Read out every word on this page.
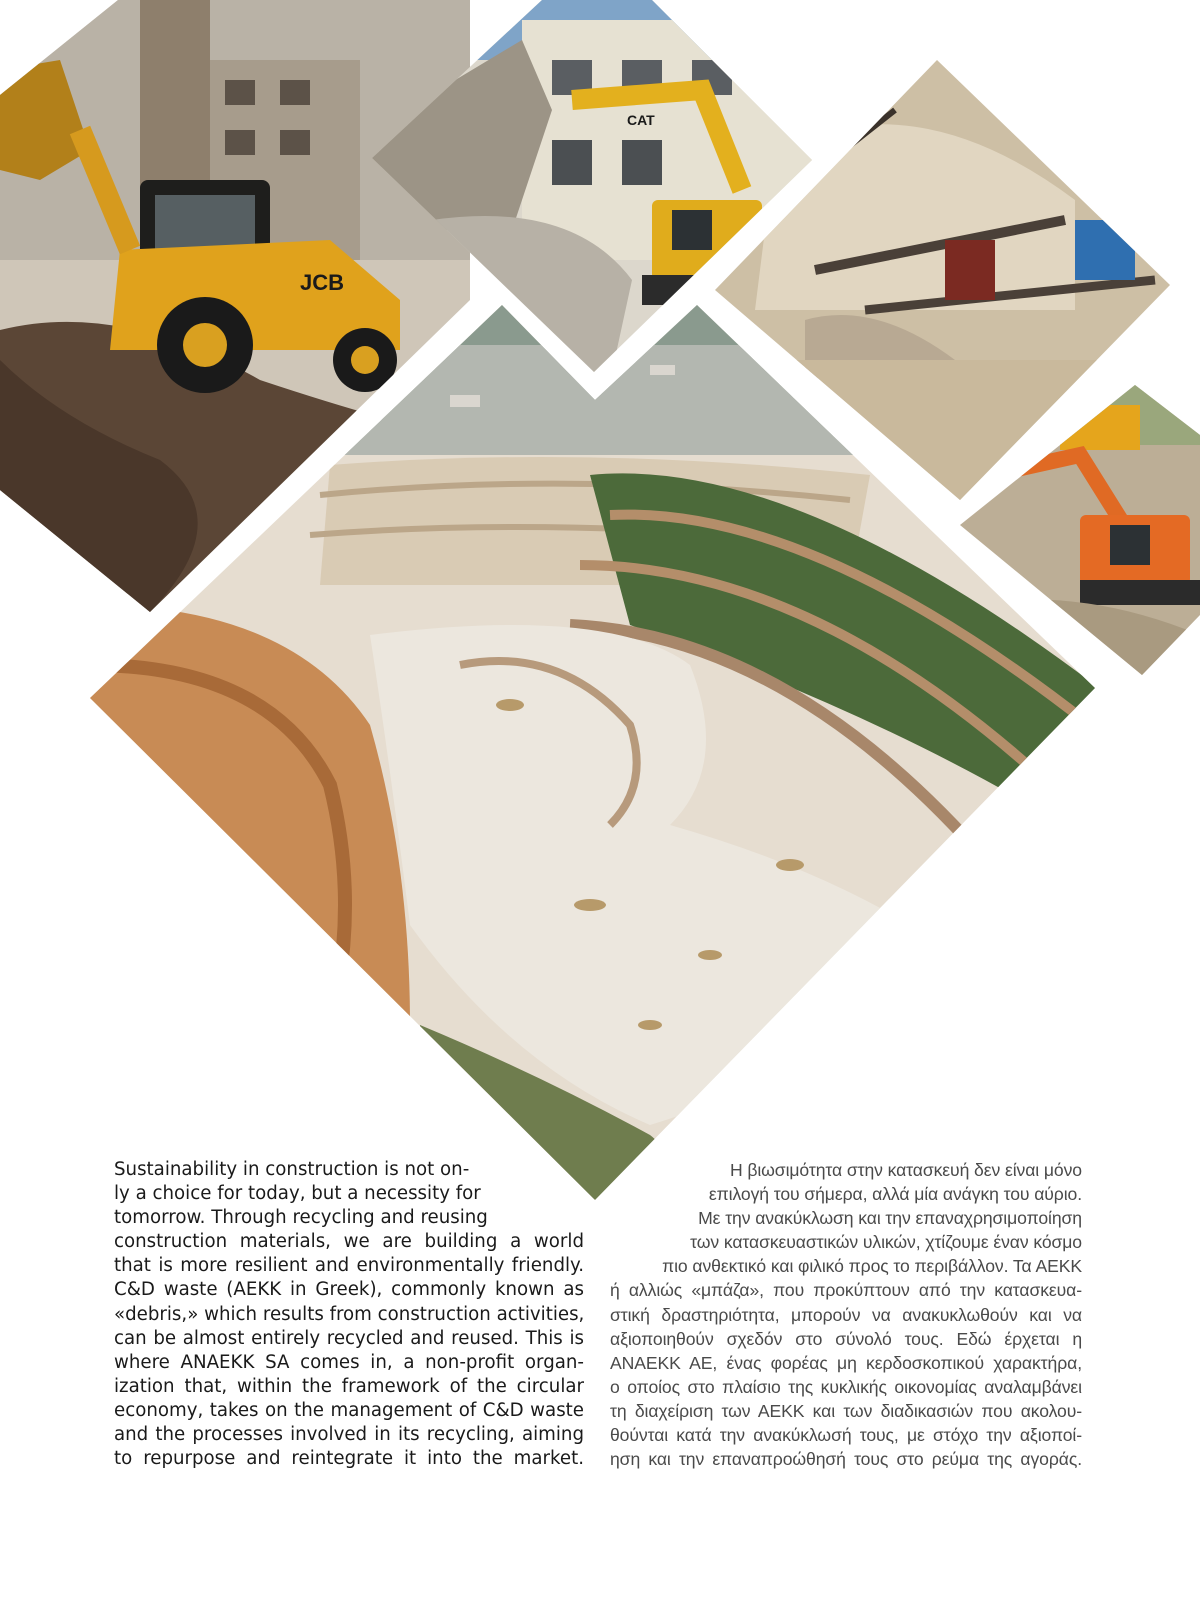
JCB
CAT
Sustainability in construction is not on-
ly a choice for today, but a necessity for
tomorrow. Through recycling and reusing
construction materials, we are building a world
that is more resilient and environmentally friendly.
C&D waste (AEKK in Greek), commonly known as
«debris,» which results from construction activities,
can be almost entirely recycled and reused. This is
where ANAEKK SA comes in, a non-profit organ-
ization that, within the framework of the circular
economy, takes on the management of C&D waste
and the processes involved in its recycling, aiming
to repurpose and reintegrate it into the market.
Η βιωσιμότητα στην κατασκευή δεν είναι μόνο
επιλογή του σήμερα, αλλά μία ανάγκη του αύριο.
Με την ανακύκλωση και την επαναχρησιμοποίηση
των κατασκευαστικών υλικών, χτίζουμε έναν κόσμο
πιο ανθεκτικό και φιλικό προς το περιβάλλον. Τα ΑΕΚΚ
ή αλλιώς «μπάζα», που προκύπτουν από την κατασκευα-
στική δραστηριότητα, μπορούν να ανακυκλωθούν και να
αξιοποιηθούν σχεδόν στο σύνολό τους. Εδώ έρχεται η
ΑΝΑΕΚΚ ΑΕ, ένας φορέας μη κερδοσκοπικού χαρακτήρα,
ο οποίος στο πλαίσιο της κυκλικής οικονομίας αναλαμβάνει
τη διαχείριση των ΑΕΚΚ και των διαδικασιών που ακολου-
θούνται κατά την ανακύκλωσή τους, με στόχο την αξιοποί-
ηση και την επαναπροώθησή τους στο ρεύμα της αγοράς.
